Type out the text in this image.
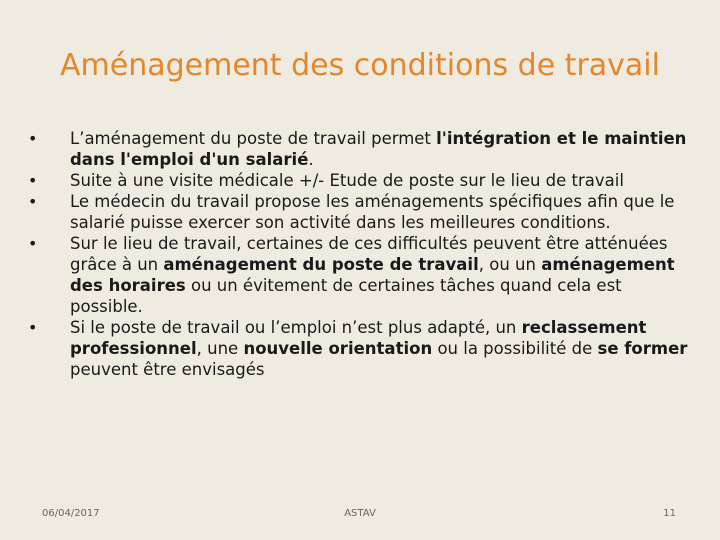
Aménagement des conditions de travail
• L’aménagement du poste de travail permet l'intégration et le maintien dans l'emploi d'un salarié.
• Suite à une visite médicale +/- Etude de poste sur le lieu de travail
• Le médecin du travail propose les aménagements spécifiques afin que le salarié puisse exercer son activité dans les meilleures conditions.
• Sur le lieu de travail, certaines de ces difficultés peuvent être atténuées grâce à un aménagement du poste de travail, ou un aménagement des horaires ou un évitement de certaines tâches quand cela est possible.
• Si le poste de travail ou l’emploi n’est plus adapté, un reclassement professionnel, une nouvelle orientation ou la possibilité de se former peuvent être envisagés
06/04/2017	ASTAV	11
